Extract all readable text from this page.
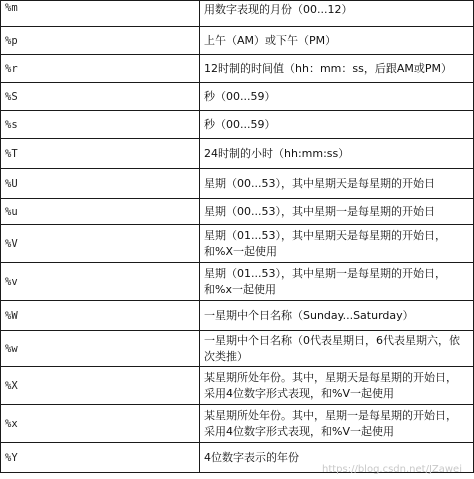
%m	用数字表现的月份（00...12）

%p	上午（AM）或下午（PM）

%r	12时制的时间值（hh：mm：ss，后跟AM或PM）

%S	秒（00...59）

%s	秒（00...59）

%T	24时制的小时（hh:mm:ss）

%U	星期（00...53），其中星期天是每星期的开始日

%u	星期（00...53），其中星期一是每星期的开始日

%V	星期（01...53），其中星期天是每星期的开始日，
和%X一起使用

%v	星期（01...53），其中星期一是每星期的开始日，
和%x一起使用

%W	一星期中个日名称（Sunday...Saturday）

%w	一星期中个日名称（0代表星期日，6代表星期六，依
次类推）

%X	某星期所处年份。其中，星期天是每星期的开始日，
采用4位数字形式表现，和%V一起使用

%x	某星期所处年份。其中，星期一是每星期的开始日，
采用4位数字形式表现，和%V一起使用

%Y	4位数字表示的年份
https://blog.csdn.net/JZawei
